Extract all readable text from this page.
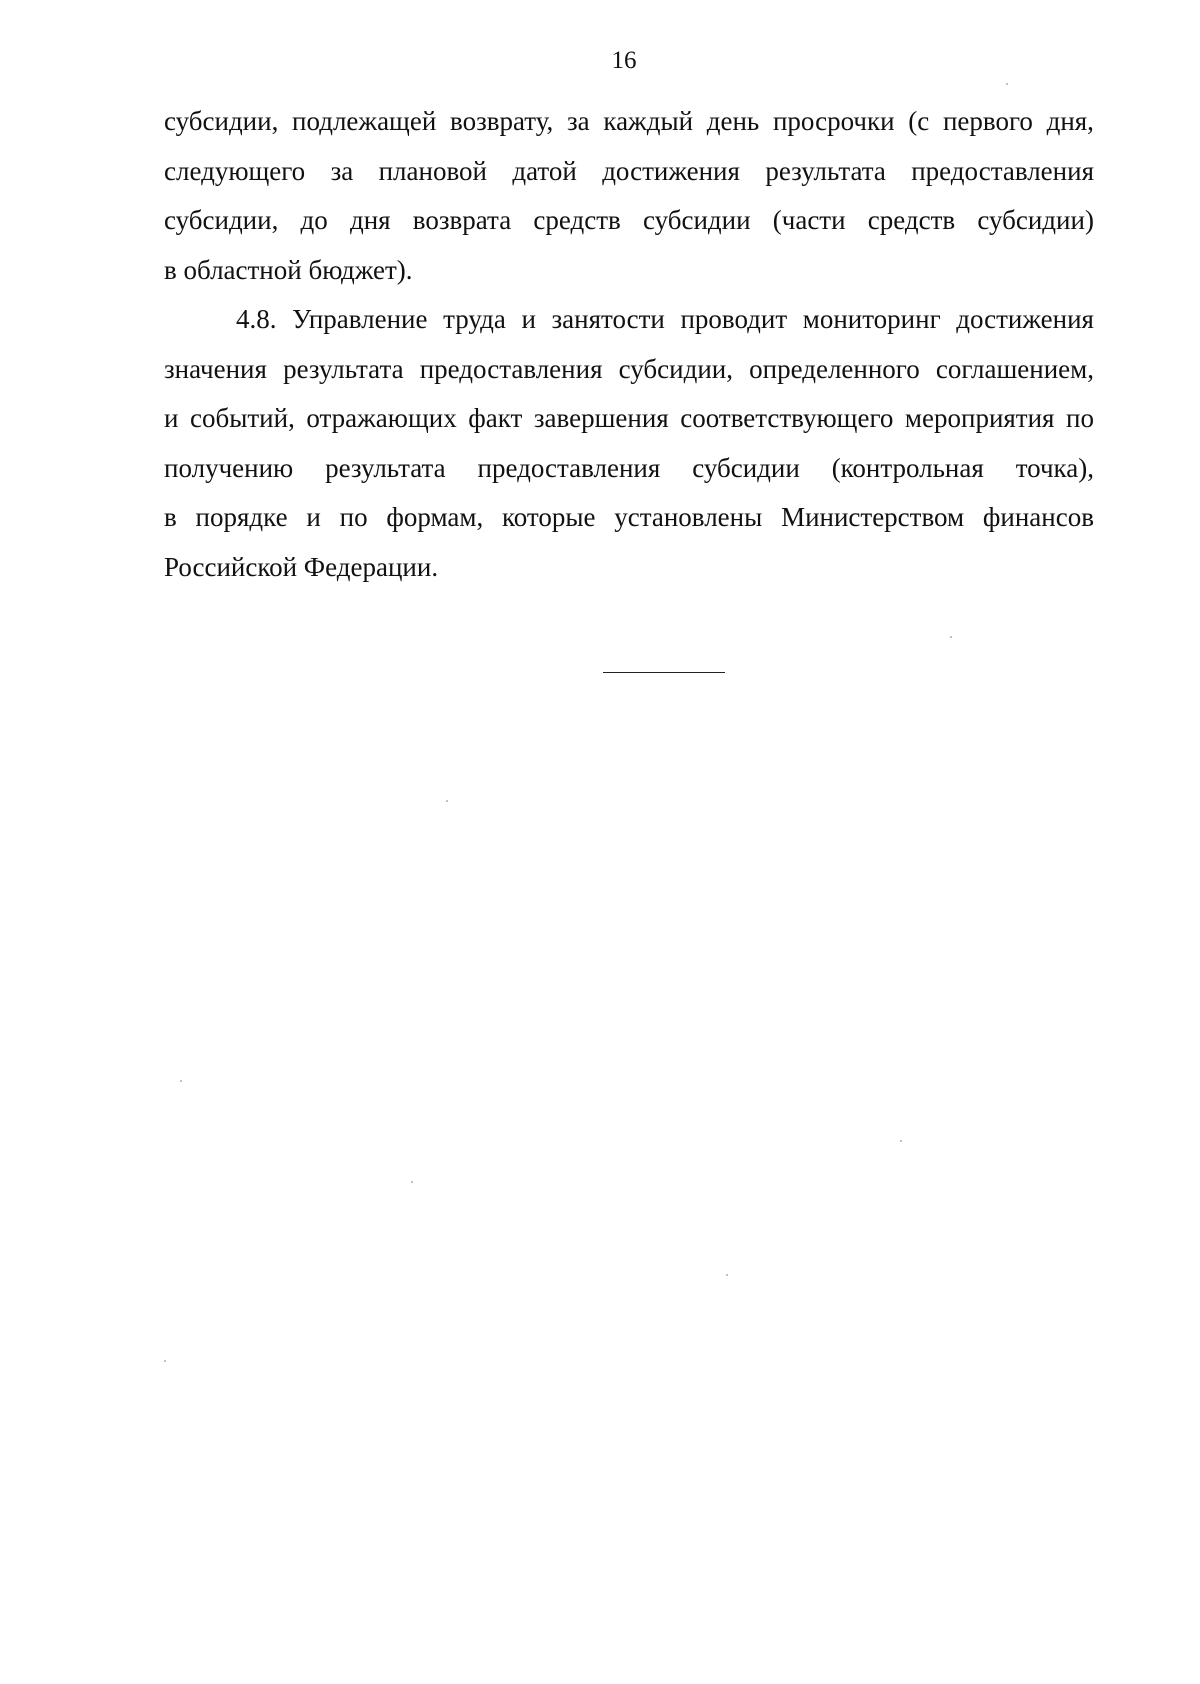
16
субсидии, подлежащей возврату, за каждый день просрочки (с первого дня,
следующего за плановой датой достижения результата предоставления
субсидии, до дня возврата средств субсидии (части средств субсидии)
в областной бюджет).
4.8. Управление труда и занятости проводит мониторинг достижения
значения результата предоставления субсидии, определенного соглашением,
и событий, отражающих факт завершения соответствующего мероприятия по
получению результата предоставления субсидии (контрольная точка),
в порядке и по формам, которые установлены Министерством финансов
Российской Федерации.
